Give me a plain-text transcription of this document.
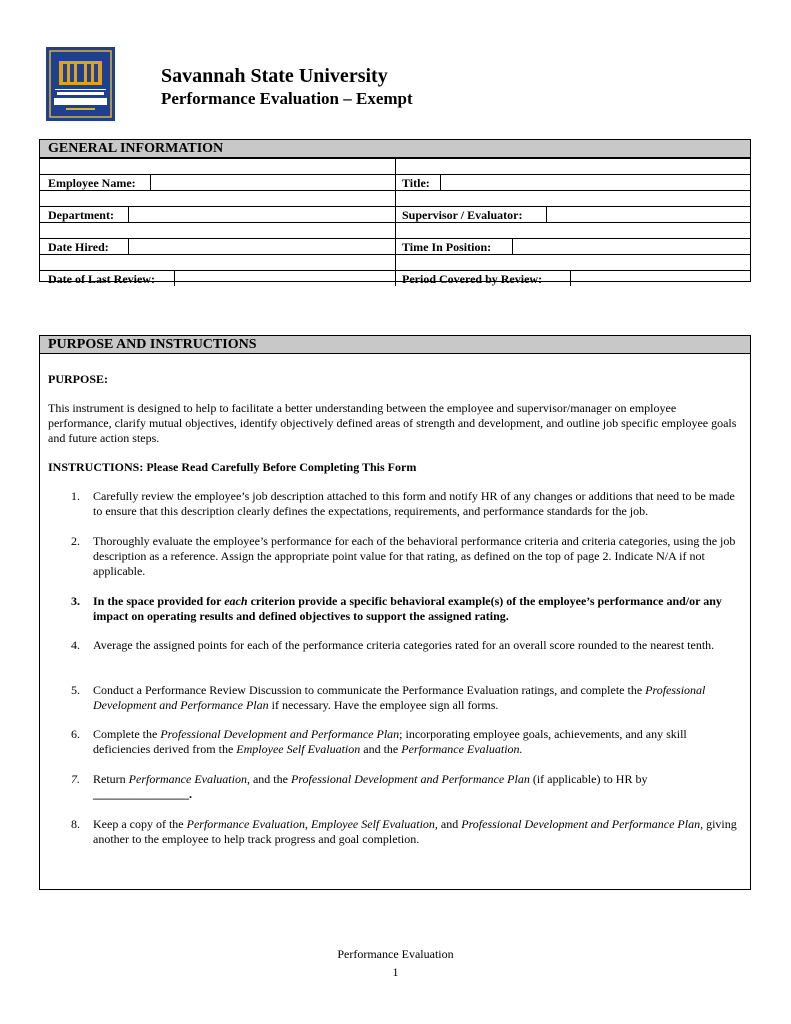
Savannah State University
Performance Evaluation – Exempt
GENERAL INFORMATION
Employee Name:	Title:
Department:	Supervisor / Evaluator:
Date Hired:	Time In Position:
Date of Last Review:	Period Covered by Review:
PURPOSE AND INSTRUCTIONS
PURPOSE:
This instrument is designed to help to facilitate a better understanding between the employee and supervisor/manager on employee performance, clarify mutual objectives, identify objectively defined areas of strength and development, and outline job specific employee goals and future action steps.
INSTRUCTIONS: Please Read Carefully Before Completing This Form
1. Carefully review the employee’s job description attached to this form and notify HR of any changes or additions that need to be made to ensure that this description clearly defines the expectations, requirements, and performance standards for the job.
2. Thoroughly evaluate the employee’s performance for each of the behavioral performance criteria and criteria categories, using the job description as a reference. Assign the appropriate point value for that rating, as defined on the top of page 2. Indicate N/A if not applicable.
3. In the space provided for each criterion provide a specific behavioral example(s) of the employee’s performance and/or any impact on operating results and defined objectives to support the assigned rating.
4. Average the assigned points for each of the performance criteria categories rated for an overall score rounded to the nearest tenth.
5. Conduct a Performance Review Discussion to communicate the Performance Evaluation ratings, and complete the Professional Development and Performance Plan if necessary. Have the employee sign all forms.
6. Complete the Professional Development and Performance Plan; incorporating employee goals, achievements, and any skill deficiencies derived from the Employee Self Evaluation and the Performance Evaluation.
7. Return Performance Evaluation, and the Professional Development and Performance Plan (if applicable) to HR by
________________.
8. Keep a copy of the Performance Evaluation, Employee Self Evaluation, and Professional Development and Performance Plan, giving another to the employee to help track progress and goal completion.
Performance Evaluation
1
